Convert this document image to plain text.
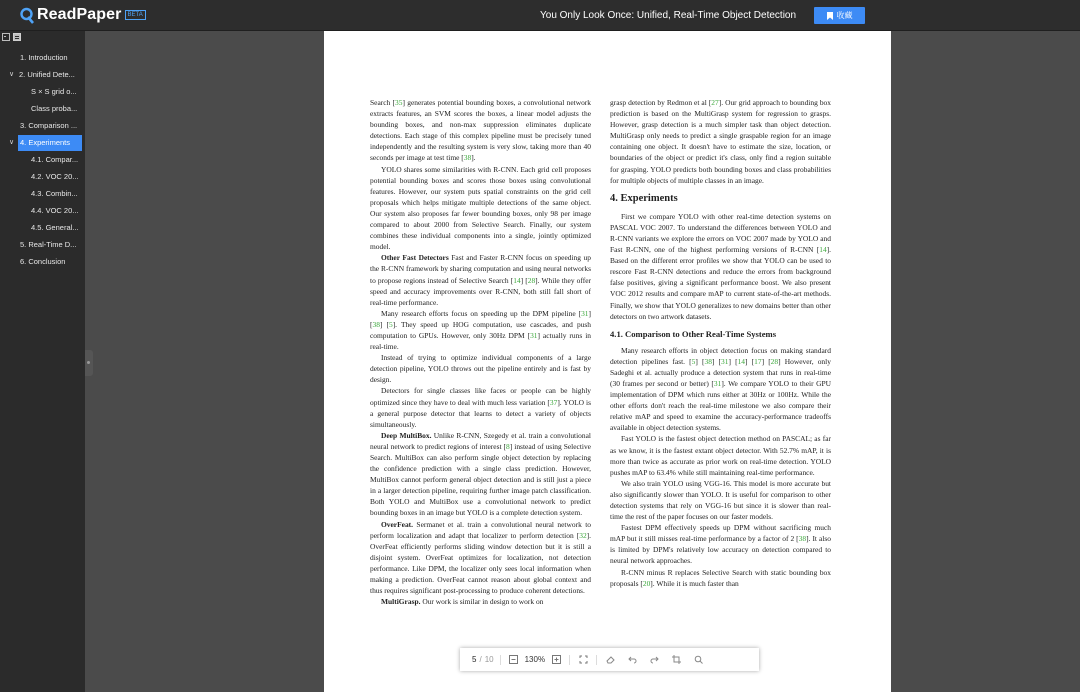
ReadPaper	BETA	You Only Look Once: Unified, Real-Time Object Detection	收藏
1. Introduction
2. Unified Dete...
∨
S × S grid o...
Class proba...
3. Comparison ...
4. Experiments
∨
4.1. Compar...
4.2. VOC 20...
4.3. Combin...
4.4. VOC 20...
4.5. General...
5. Real-Time D...
6. Conclusion

Search [35] generates potential bounding boxes, a convolutional network extracts features, an SVM scores the boxes, a linear model adjusts the bounding boxes, and non-max suppression eliminates duplicate detections. Each stage of this complex pipeline must be precisely tuned independently and the resulting system is very slow, taking more than 40 seconds per image at test time [38].

YOLO shares some similarities with R-CNN. Each grid cell proposes potential bounding boxes and scores those boxes using convolutional features. However, our system puts spatial constraints on the grid cell proposals which helps mitigate multiple detections of the same object. Our system also proposes far fewer bounding boxes, only 98 per image compared to about 2000 from Selective Search. Finally, our system combines these individual components into a single, jointly optimized model.

Other Fast Detectors Fast and Faster R-CNN focus on speeding up the R-CNN framework by sharing computation and using neural networks to propose regions instead of Selective Search [14] [28]. While they offer speed and accuracy improvements over R-CNN, both still fall short of real-time performance.

Many research efforts focus on speeding up the DPM pipeline [31] [38] [5]. They speed up HOG computation, use cascades, and push computation to GPUs. However, only 30Hz DPM [31] actually runs in real-time.

Instead of trying to optimize individual components of a large detection pipeline, YOLO throws out the pipeline entirely and is fast by design.

Detectors for single classes like faces or people can be highly optimized since they have to deal with much less variation [37]. YOLO is a general purpose detector that learns to detect a variety of objects simultaneously.

Deep MultiBox. Unlike R-CNN, Szegedy et al. train a convolutional neural network to predict regions of interest [8] instead of using Selective Search. MultiBox can also perform single object detection by replacing the confidence prediction with a single class prediction. However, MultiBox cannot perform general object detection and is still just a piece in a larger detection pipeline, requiring further image patch classification. Both YOLO and MultiBox use a convolutional network to predict bounding boxes in an image but YOLO is a complete detection system.

OverFeat. Sermanet et al. train a convolutional neural network to perform localization and adapt that localizer to perform detection [32]. OverFeat efficiently performs sliding window detection but it is still a disjoint system. OverFeat optimizes for localization, not detection performance. Like DPM, the localizer only sees local information when making a prediction. OverFeat cannot reason about global context and thus requires significant post-processing to produce coherent detections.

MultiGrasp. Our work is similar in design to work on

grasp detection by Redmon et al [27]. Our grid approach to bounding box prediction is based on the MultiGrasp system for regression to grasps. However, grasp detection is a much simpler task than object detection. MultiGrasp only needs to predict a single graspable region for an image containing one object. It doesn't have to estimate the size, location, or boundaries of the object or predict it's class, only find a region suitable for grasping. YOLO predicts both bounding boxes and class probabilities for multiple objects of multiple classes in an image.

4. Experiments

First we compare YOLO with other real-time detection systems on PASCAL VOC 2007. To understand the differences between YOLO and R-CNN variants we explore the errors on VOC 2007 made by YOLO and Fast R-CNN, one of the highest performing versions of R-CNN [14]. Based on the different error profiles we show that YOLO can be used to rescore Fast R-CNN detections and reduce the errors from background false positives, giving a significant performance boost. We also present VOC 2012 results and compare mAP to current state-of-the-art methods. Finally, we show that YOLO generalizes to new domains better than other detectors on two artwork datasets.

4.1. Comparison to Other Real-Time Systems

Many research efforts in object detection focus on making standard detection pipelines fast. [5] [38] [31] [14] [17] [28] However, only Sadeghi et al. actually produce a detection system that runs in real-time (30 frames per second or better) [31]. We compare YOLO to their GPU implementation of DPM which runs either at 30Hz or 100Hz. While the other efforts don't reach the real-time milestone we also compare their relative mAP and speed to examine the accuracy-performance tradeoffs available in object detection systems.

Fast YOLO is the fastest object detection method on PASCAL; as far as we know, it is the fastest extant object detector. With 52.7% mAP, it is more than twice as accurate as prior work on real-time detection. YOLO pushes mAP to 63.4% while still maintaining real-time performance.

We also train YOLO using VGG-16. This model is more accurate but also significantly slower than YOLO. It is useful for comparison to other detection systems that rely on VGG-16 but since it is slower than real-time the rest of the paper focuses on our faster models.

Fastest DPM effectively speeds up DPM without sacrificing much mAP but it still misses real-time performance by a factor of 2 [38]. It also is limited by DPM's relatively low accuracy on detection compared to neural network approaches.

R-CNN minus R replaces Selective Search with static bounding box proposals [20]. While it is much faster than

5 / 10	130%
